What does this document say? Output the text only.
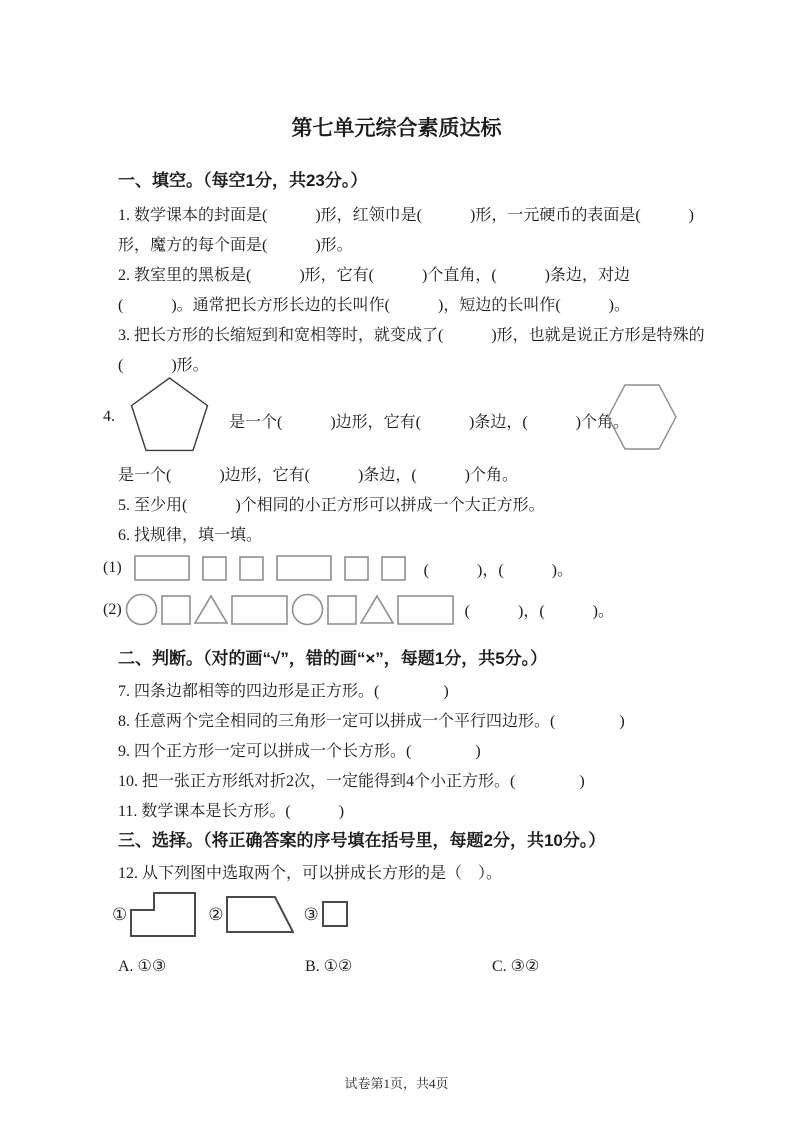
第七单元综合素质达标
一、填空。（每空1分，共23分。）
1. 数学课本的封面是(　　　)形，红领巾是(　　　)形，一元硬币的表面是(　　　)
形，魔方的每个面是(　　　)形。
2. 教室里的黑板是(　　　)形，它有(　　　)个直角，(　　　)条边，对边
(　　　)。通常把长方形长边的长叫作(　　　)，短边的长叫作(　　　)。
3. 把长方形的长缩短到和宽相等时，就变成了(　　　)形，也就是说正方形是特殊的
(　　　)形。
4.	是一个(　　　)边形，它有(　　　)条边，(　　　)个角。
是一个(　　　)边形，它有(　　　)条边，(　　　)个角。
5. 至少用(　　　)个相同的小正方形可以拼成一个大正方形。
6. 找规律，填一填。
(1)	(　　　)，(　　　)。
(2)	(　　　)，(　　　)。
二、判断。（对的画“√”，错的画“×”，每题1分，共5分。）
7. 四条边都相等的四边形是正方形。(　　　　)
8. 任意两个完全相同的三角形一定可以拼成一个平行四边形。(　　　　)
9. 四个正方形一定可以拼成一个长方形。(　　　　)
10. 把一张正方形纸对折2次，一定能得到4个小正方形。(　　　　)
11. 数学课本是长方形。(　　　)
三、选择。（将正确答案的序号填在括号里，每题2分，共10分。）
12. 从下列图中选取两个，可以拼成长方形的是（　）。
①	②	③
A. ①③	B. ①②	C. ③②
试卷第1页，共4页
